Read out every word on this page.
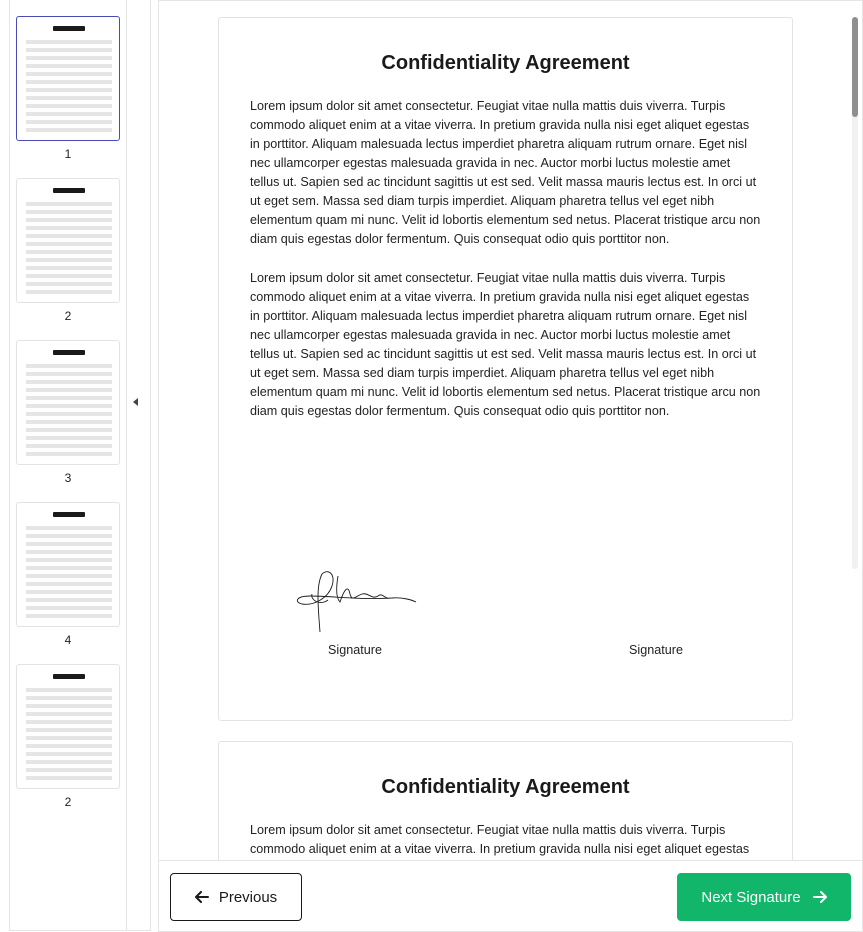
1
2
3
4
2
Confidentiality Agreement
Lorem ipsum dolor sit amet consectetur. Feugiat vitae nulla mattis duis viverra. Turpis commodo aliquet enim at a vitae viverra. In pretium gravida nulla nisi eget aliquet egestas in porttitor. Aliquam malesuada lectus imperdiet pharetra aliquam rutrum ornare. Eget nisl nec ullamcorper egestas malesuada gravida in nec. Auctor morbi luctus molestie amet tellus ut. Sapien sed ac tincidunt sagittis ut est sed. Velit massa mauris lectus est. In orci ut ut eget sem. Massa sed diam turpis imperdiet. Aliquam pharetra tellus vel eget nibh elementum quam mi nunc. Velit id lobortis elementum sed netus. Placerat tristique arcu non diam quis egestas dolor fermentum. Quis consequat odio quis porttitor non.
Lorem ipsum dolor sit amet consectetur. Feugiat vitae nulla mattis duis viverra. Turpis commodo aliquet enim at a vitae viverra. In pretium gravida nulla nisi eget aliquet egestas in porttitor. Aliquam malesuada lectus imperdiet pharetra aliquam rutrum ornare. Eget nisl nec ullamcorper egestas malesuada gravida in nec. Auctor morbi luctus molestie amet tellus ut. Sapien sed ac tincidunt sagittis ut est sed. Velit massa mauris lectus est. In orci ut ut eget sem. Massa sed diam turpis imperdiet. Aliquam pharetra tellus vel eget nibh elementum quam mi nunc. Velit id lobortis elementum sed netus. Placerat tristique arcu non diam quis egestas dolor fermentum. Quis consequat odio quis porttitor non.
Signature	Signature
Confidentiality Agreement
Lorem ipsum dolor sit amet consectetur. Feugiat vitae nulla mattis duis viverra. Turpis commodo aliquet enim at a vitae viverra. In pretium gravida nulla nisi eget aliquet egestas
Previous	Next Signature
